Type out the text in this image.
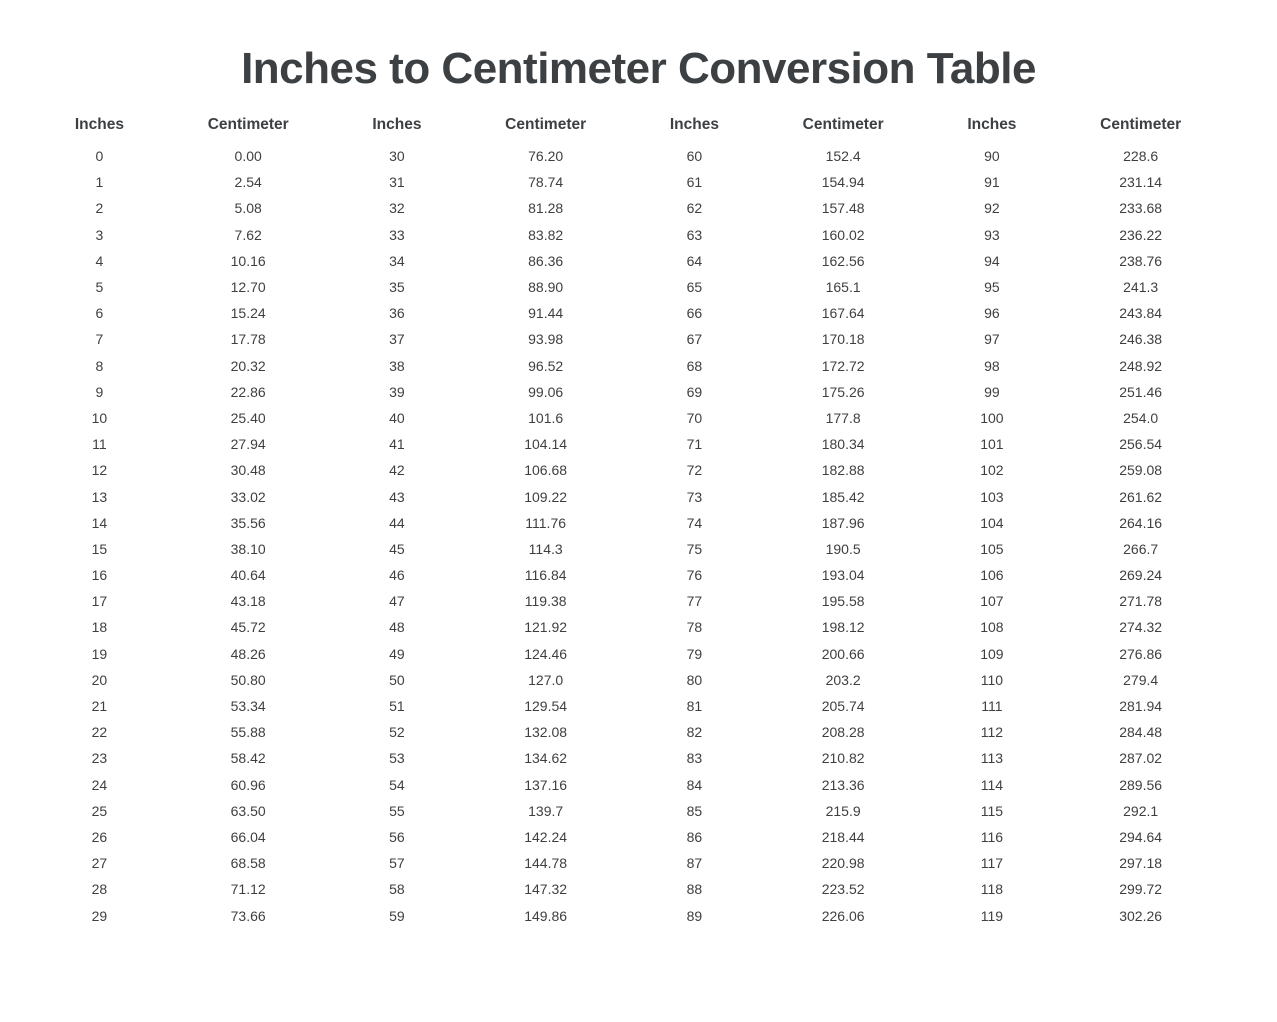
Inches to Centimeter Conversion Table
Inches	Centimeter	Inches	Centimeter	Inches	Centimeter	Inches	Centimeter
0	0.00	30	76.20	60	152.4	90	228.6
1	2.54	31	78.74	61	154.94	91	231.14
2	5.08	32	81.28	62	157.48	92	233.68
3	7.62	33	83.82	63	160.02	93	236.22
4	10.16	34	86.36	64	162.56	94	238.76
5	12.70	35	88.90	65	165.1	95	241.3
6	15.24	36	91.44	66	167.64	96	243.84
7	17.78	37	93.98	67	170.18	97	246.38
8	20.32	38	96.52	68	172.72	98	248.92
9	22.86	39	99.06	69	175.26	99	251.46
10	25.40	40	101.6	70	177.8	100	254.0
11	27.94	41	104.14	71	180.34	101	256.54
12	30.48	42	106.68	72	182.88	102	259.08
13	33.02	43	109.22	73	185.42	103	261.62
14	35.56	44	111.76	74	187.96	104	264.16
15	38.10	45	114.3	75	190.5	105	266.7
16	40.64	46	116.84	76	193.04	106	269.24
17	43.18	47	119.38	77	195.58	107	271.78
18	45.72	48	121.92	78	198.12	108	274.32
19	48.26	49	124.46	79	200.66	109	276.86
20	50.80	50	127.0	80	203.2	110	279.4
21	53.34	51	129.54	81	205.74	111	281.94
22	55.88	52	132.08	82	208.28	112	284.48
23	58.42	53	134.62	83	210.82	113	287.02
24	60.96	54	137.16	84	213.36	114	289.56
25	63.50	55	139.7	85	215.9	115	292.1
26	66.04	56	142.24	86	218.44	116	294.64
27	68.58	57	144.78	87	220.98	117	297.18
28	71.12	58	147.32	88	223.52	118	299.72
29	73.66	59	149.86	89	226.06	119	302.26
